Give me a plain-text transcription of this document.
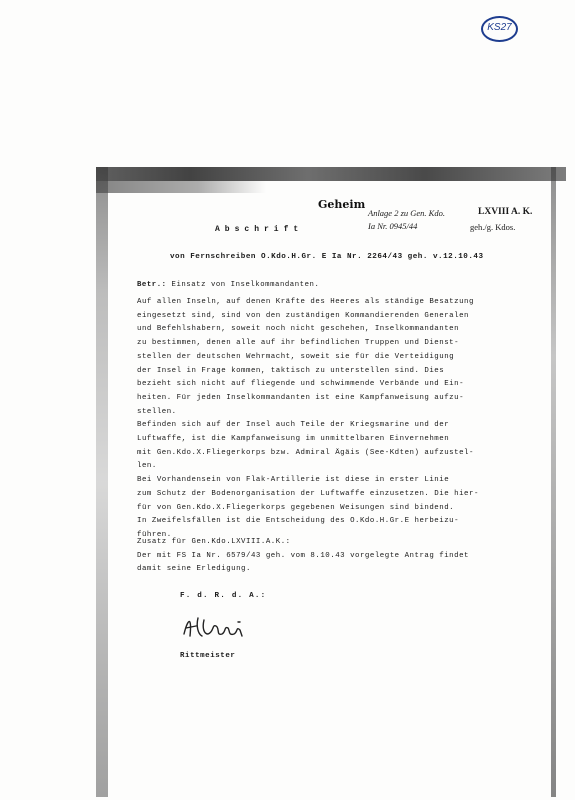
KS27
Geheim
Anlage 2 zu Gen. Kdo.
Ia Nr. 0945/44
LXVIII A. K.
geh./g. Kdos.
Abschrift
von Fernschreiben O.Kdo.H.Gr. E Ia Nr. 2264/43 geh. v.12.10.43
Betr.: Einsatz von Inselkommandanten.
Auf allen Inseln, auf denen Kräfte des Heeres als ständige Besatzung
eingesetzt sind, sind von den zuständigen Kommandierenden Generalen
und Befehlshabern, soweit noch nicht geschehen, Inselkommandanten
zu bestimmen, denen alle auf ihr befindlichen Truppen und Dienst-
stellen der deutschen Wehrmacht, soweit sie für die Verteidigung
der Insel in Frage kommen, taktisch zu unterstellen sind. Dies
bezieht sich nicht auf fliegende und schwimmende Verbände und Ein-
heiten. Für jeden Inselkommandanten ist eine Kampfanweisung aufzu-
stellen.
Befinden sich auf der Insel auch Teile der Kriegsmarine und der
Luftwaffe, ist die Kampfanweisung im unmittelbaren Einvernehmen
mit Gen.Kdo.X.Fliegerkorps bzw. Admiral Ägäis (See-Kdten) aufzustel-
len.
Bei Vorhandensein von Flak-Artillerie ist diese in erster Linie
zum Schutz der Bodenorganisation der Luftwaffe einzusetzen. Die hier-
für von Gen.Kdo.X.Fliegerkorps gegebenen Weisungen sind bindend.
In Zweifelsfällen ist die Entscheidung des O.Kdo.H.Gr.E herbeizu-
führen.
Zusatz für Gen.Kdo.LXVIII.A.K.:
Der mit FS Ia Nr. 6579/43 geh. vom 8.10.43 vorgelegte Antrag findet
damit seine Erledigung.
F. d. R. d. A.:
Rittmeister
